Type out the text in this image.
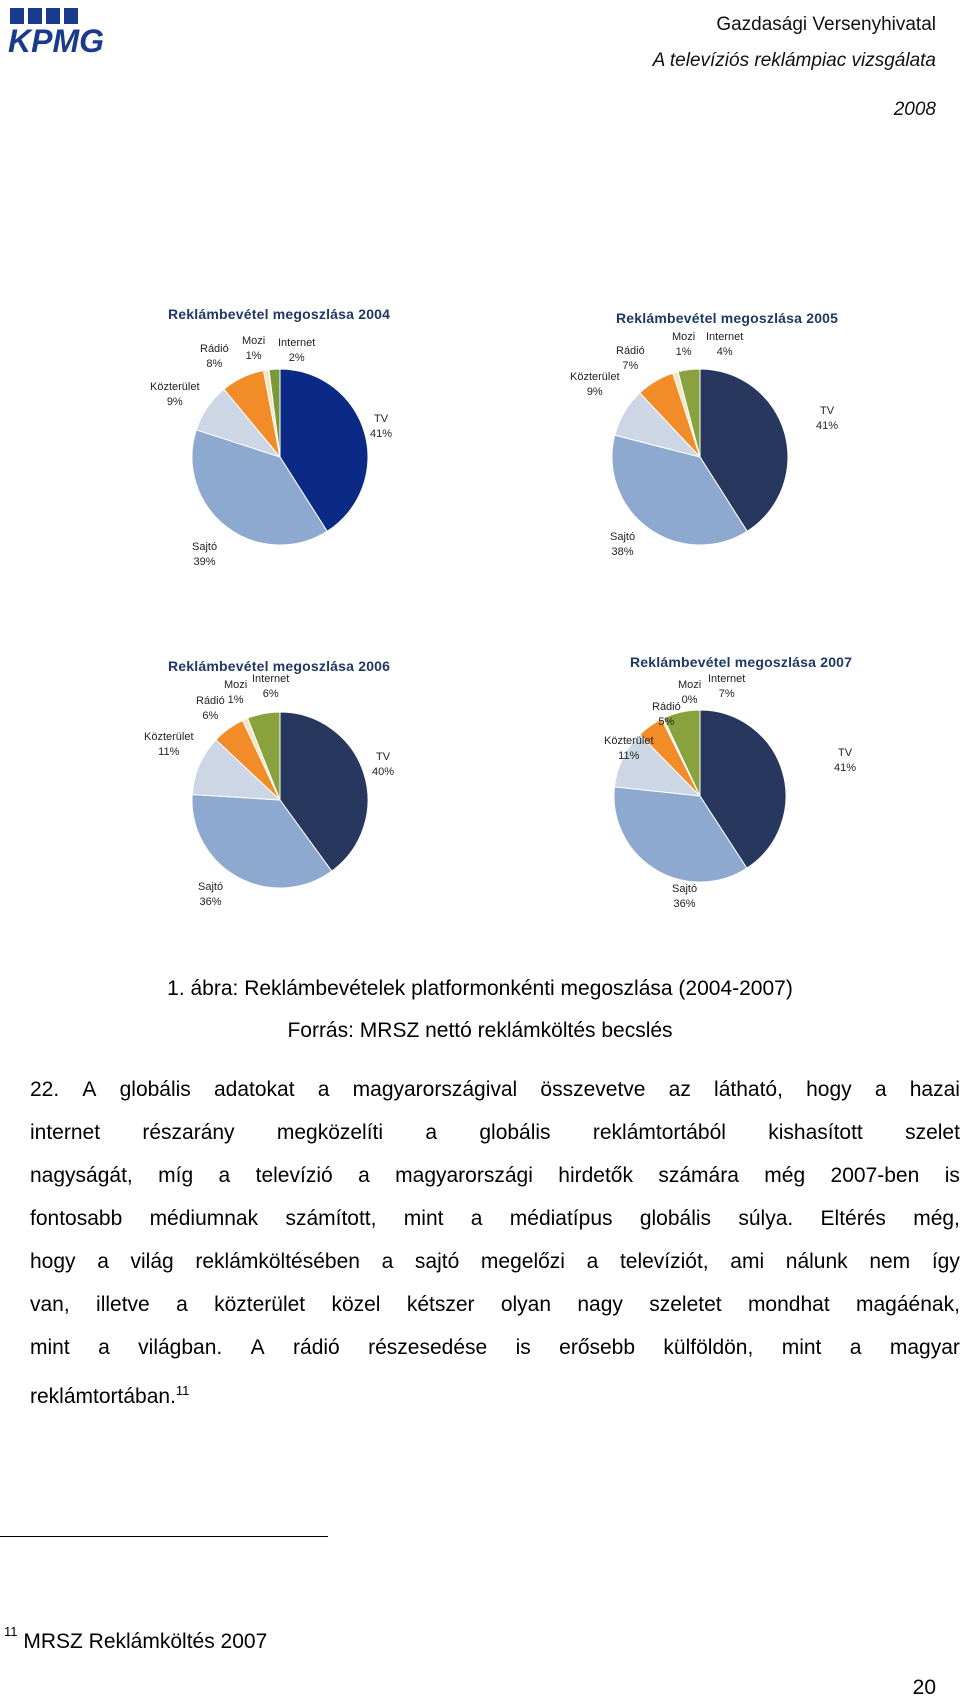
KPMG	Gazdasági Versenyhivatal
A televíziós reklámpiac vizsgálata
2008
Reklámbevétel megoszlása 2004
Rádió
8%
Mozi
1%
Internet
2%
Közterület
9%
TV
41%
Sajtó
39%
Reklámbevétel megoszlása 2005
Rádió
7%
Mozi
1%
Internet
4%
Közterület
9%
TV
41%
Sajtó
38%
Reklámbevétel megoszlása 2006
Rádió
6%
Mozi
1%
Internet
6%
Közterület
11%	TV
40%
Sajtó
36%
Reklámbevétel megoszlása 2007
Rádió
5%
Mozi
0%
Internet
7%
Közterület
11%	TV
41%
Sajtó
36%
1. ábra: Reklámbevételek platformonkénti megoszlása (2004-2007)
Forrás: MRSZ nettó reklámköltés becslés
22. A globális adatokat a magyarországival összevetve az látható, hogy a hazai
internet részarány megközelíti a globális reklámtortából kishasított szelet
nagyságát, míg a televízió a magyarországi hirdetők számára még 2007-ben is
fontosabb médiumnak számított, mint a médiatípus globális súlya. Eltérés még,
hogy a világ reklámköltésében a sajtó megelőzi a televíziót, ami nálunk nem így
van, illetve a közterület közel kétszer olyan nagy szeletet mondhat magáénak,
mint a világban. A rádió részesedése is erősebb külföldön, mint a magyar
reklámtortában.$^{11}$
$^{11}$ MRSZ Reklámköltés 2007
20
